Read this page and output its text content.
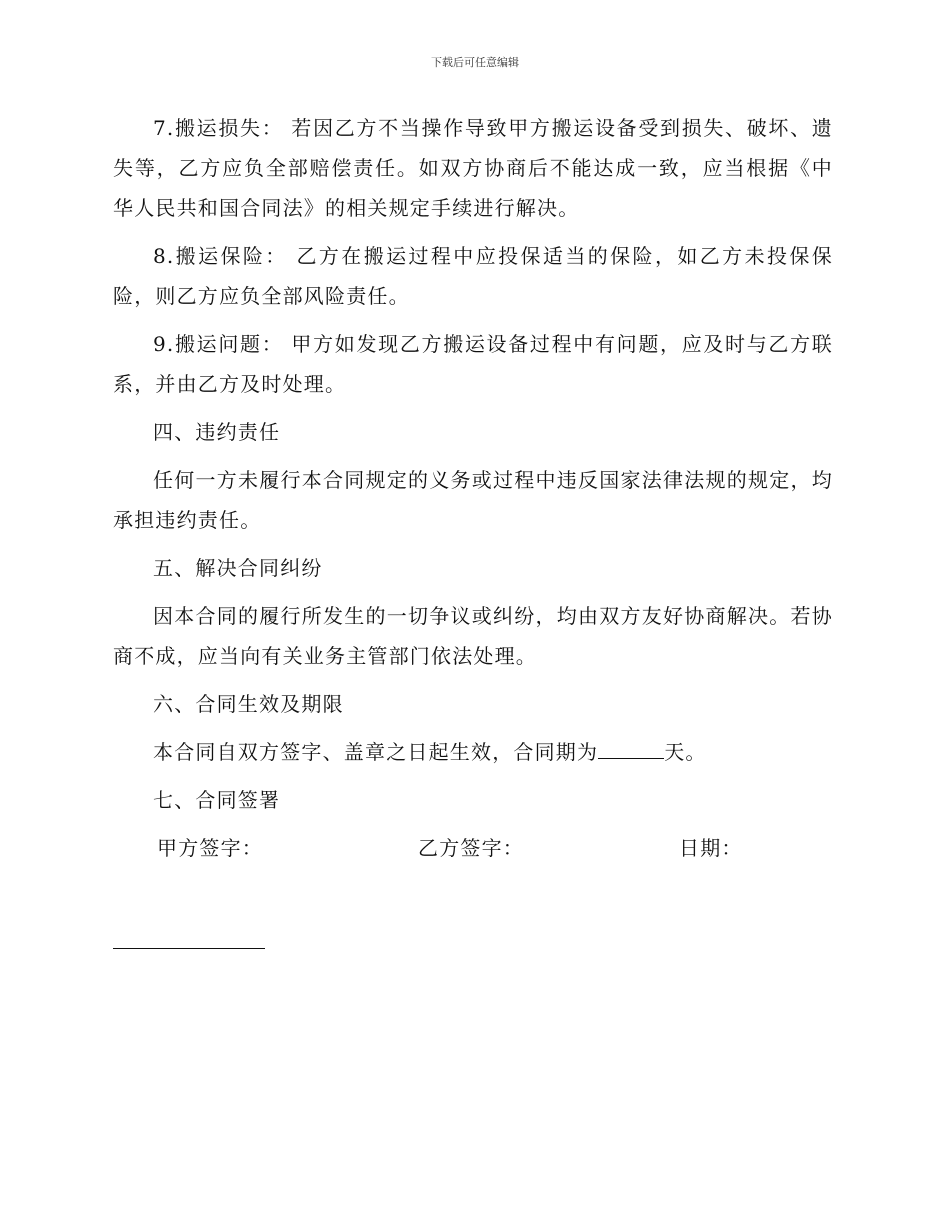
下载后可任意编辑

7.搬运损失： 若因乙方不当操作导致甲方搬运设备受到损失、破坏、遗失等，乙方应负全部赔偿责任。如双方协商后不能达成一致，应当根据《中华人民共和国合同法》的相关规定手续进行解决。

8.搬运保险： 乙方在搬运过程中应投保适当的保险，如乙方未投保保险，则乙方应负全部风险责任。

9.搬运问题： 甲方如发现乙方搬运设备过程中有问题，应及时与乙方联系，并由乙方及时处理。

四、违约责任

任何一方未履行本合同规定的义务或过程中违反国家法律法规的规定，均承担违约责任。

五、解决合同纠纷

因本合同的履行所发生的一切争议或纠纷，均由双方友好协商解决。若协商不成，应当向有关业务主管部门依法处理。

六、合同生效及期限

本合同自双方签字、盖章之日起生效，合同期为	天。

七、合同签署

甲方签字：	乙方签字：	日期：
